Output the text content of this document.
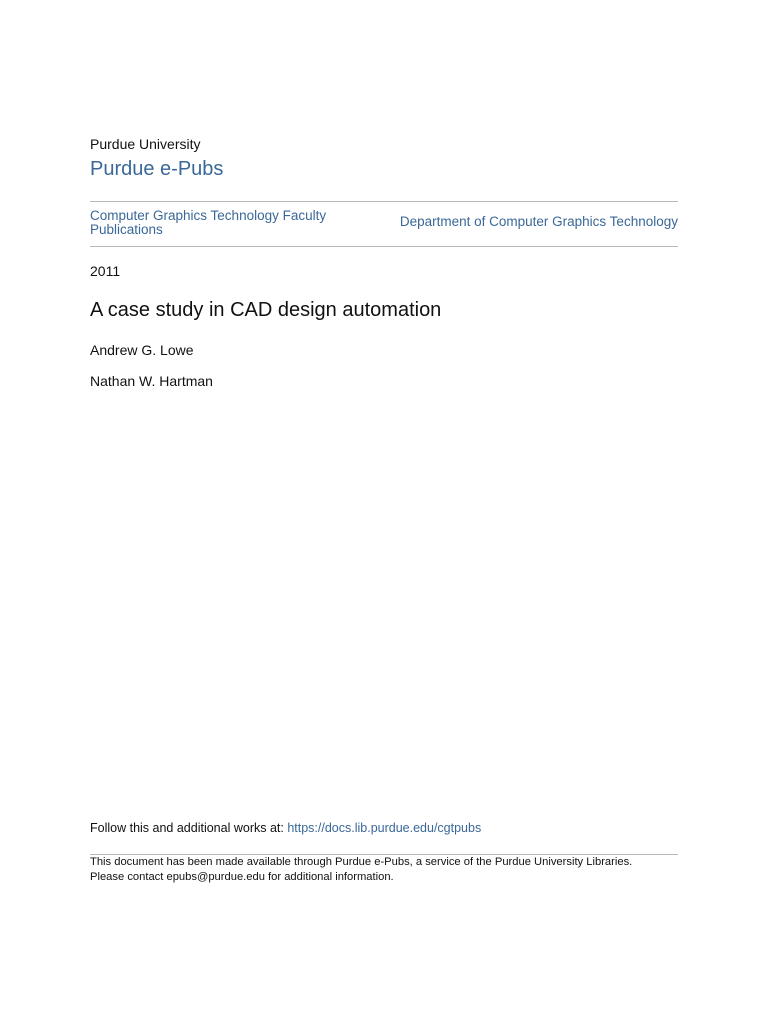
Purdue University
Purdue e-Pubs
Computer Graphics Technology Faculty Publications
Department of Computer Graphics Technology
2011
A case study in CAD design automation
Andrew G. Lowe
Nathan W. Hartman
Follow this and additional works at: https://docs.lib.purdue.edu/cgtpubs
This document has been made available through Purdue e-Pubs, a service of the Purdue University Libraries.
Please contact epubs@purdue.edu for additional information.
